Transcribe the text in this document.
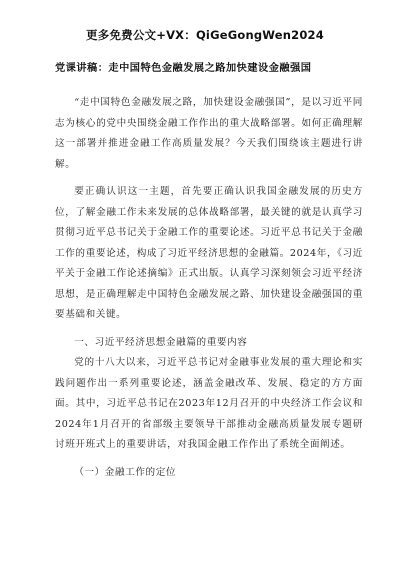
更多免费公文+VX：QiGeGongWen2024
党课讲稿：走中国特色金融发展之路加快建设金融强国

“走中国特色金融发展之路，加快建设金融强国”，是以习近平同志为核心的党中央围绕金融工作作出的重大战略部署。如何正确理解这一部署并推进金融工作高质量发展？今天我们围绕该主题进行讲解。

要正确认识这一主题，首先要正确认识我国金融发展的历史方位，了解金融工作未来发展的总体战略部署，最关键的就是认真学习贯彻习近平总书记关于金融工作的重要论述。习近平总书记关于金融工作的重要论述，构成了习近平经济思想的金融篇。2024年，《习近平关于金融工作论述摘编》正式出版。认真学习深刻领会习近平经济思想，是正确理解走中国特色金融发展之路、加快建设金融强国的重要基础和关键。

一、习近平经济思想金融篇的重要内容

党的十八大以来，习近平总书记对金融事业发展的重大理论和实践问题作出一系列重要论述，涵盖金融改革、发展、稳定的方方面面。其中，习近平总书记在2023年12月召开的中央经济工作会议和2024年1月召开的省部级主要领导干部推动金融高质量发展专题研讨班开班式上的重要讲话，对我国金融工作作出了系统全面阐述。

（一）金融工作的定位
